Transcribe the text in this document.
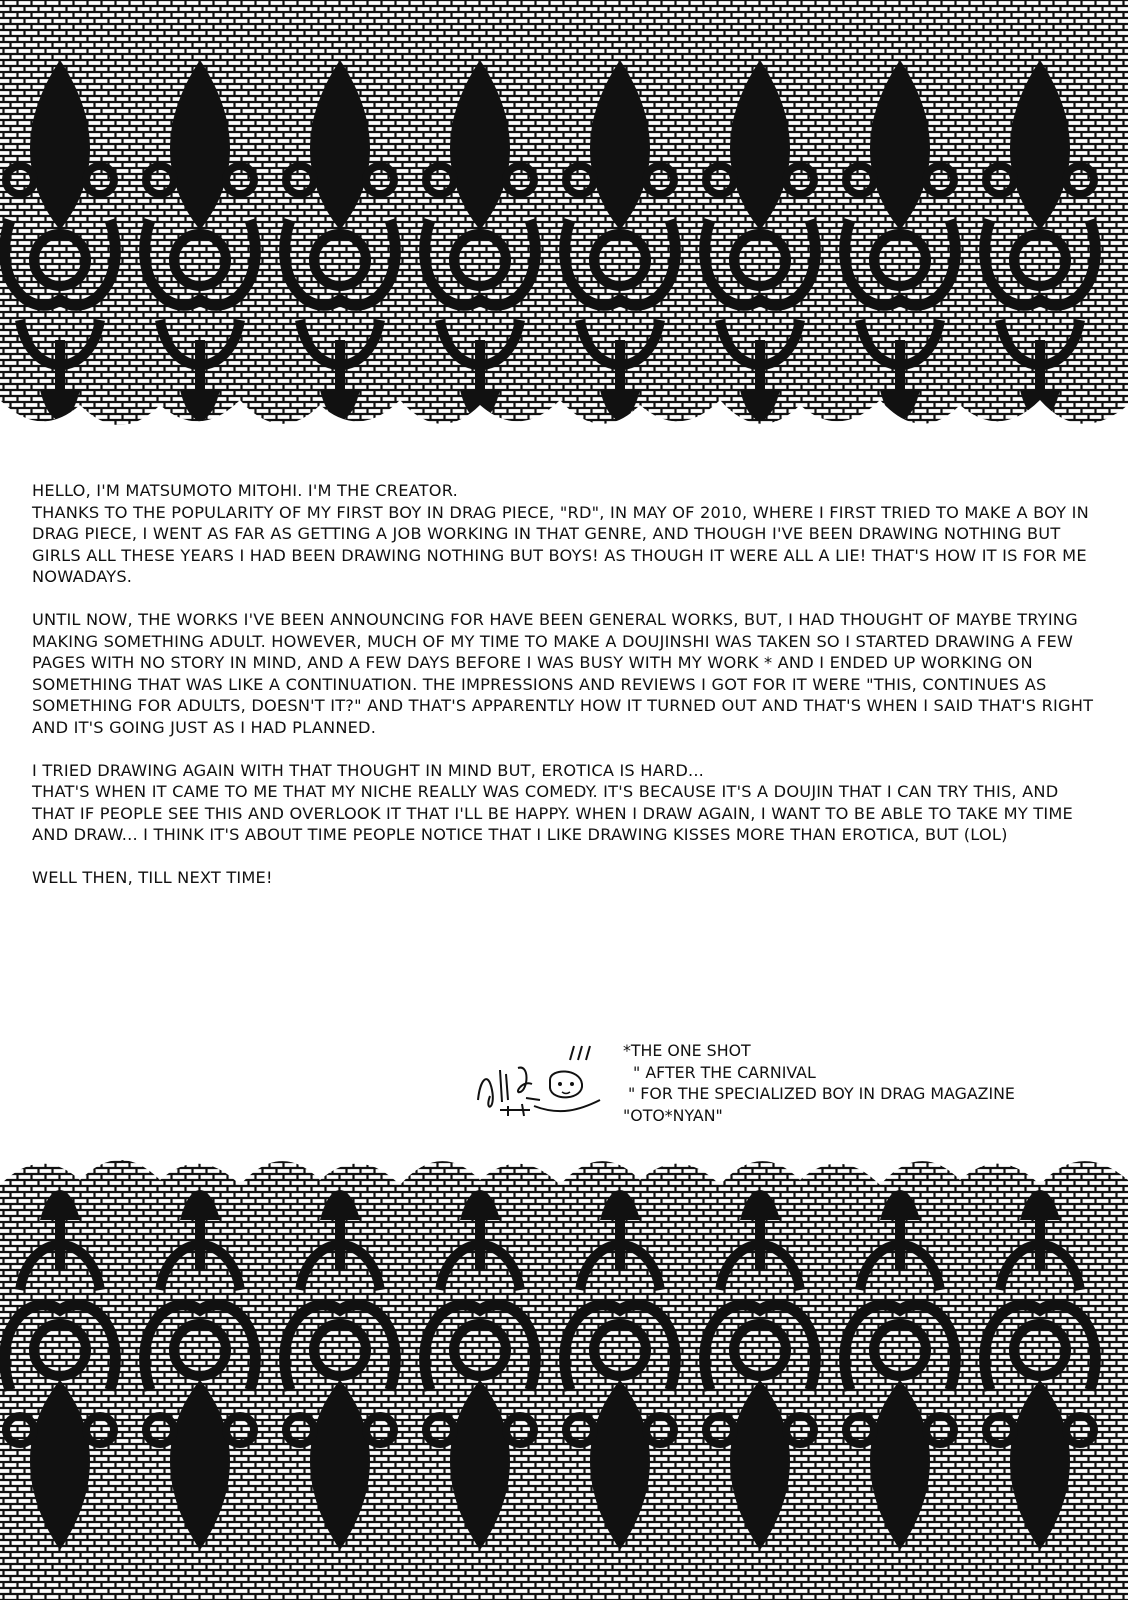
HELLO, I'M MATSUMOTO MITOHI. I'M THE CREATOR.
THANKS TO THE POPULARITY OF MY FIRST BOY IN DRAG PIECE, "RD", IN MAY OF 2010, WHERE I FIRST TRIED TO MAKE A BOY IN DRAG PIECE, I WENT AS FAR AS GETTING A JOB WORKING IN THAT GENRE, AND THOUGH I'VE BEEN DRAWING NOTHING BUT GIRLS ALL THESE YEARS I HAD BEEN DRAWING NOTHING BUT BOYS! AS THOUGH IT WERE ALL A LIE! THAT'S HOW IT IS FOR ME NOWADAYS.

UNTIL NOW, THE WORKS I'VE BEEN ANNOUNCING FOR HAVE BEEN GENERAL WORKS, BUT, I HAD THOUGHT OF MAYBE TRYING MAKING SOMETHING ADULT. HOWEVER, MUCH OF MY TIME TO MAKE A DOUJINSHI WAS TAKEN SO I STARTED DRAWING A FEW PAGES WITH NO STORY IN MIND, AND A FEW DAYS BEFORE I WAS BUSY WITH MY WORK * AND I ENDED UP WORKING ON SOMETHING THAT WAS LIKE A CONTINUATION. THE IMPRESSIONS AND REVIEWS I GOT FOR IT WERE "THIS, CONTINUES AS SOMETHING FOR ADULTS, DOESN'T IT?" AND THAT'S APPARENTLY HOW IT TURNED OUT AND THAT'S WHEN I SAID THAT'S RIGHT AND IT'S GOING JUST AS I HAD PLANNED.

I TRIED DRAWING AGAIN WITH THAT THOUGHT IN MIND BUT, EROTICA IS HARD...
THAT'S WHEN IT CAME TO ME THAT MY NICHE REALLY WAS COMEDY. IT'S BECAUSE IT'S A DOUJIN THAT I CAN TRY THIS, AND THAT IF PEOPLE SEE THIS AND OVERLOOK IT THAT I'LL BE HAPPY. WHEN I DRAW AGAIN, I WANT TO BE ABLE TO TAKE MY TIME AND DRAW... I THINK IT'S ABOUT TIME PEOPLE NOTICE THAT I LIKE DRAWING KISSES MORE THAN EROTICA, BUT (LOL)

WELL THEN, TILL NEXT TIME!

*THE ONE SHOT
" AFTER THE CARNIVAL
" FOR THE SPECIALIZED BOY IN DRAG MAGAZINE
"OTO*NYAN"
